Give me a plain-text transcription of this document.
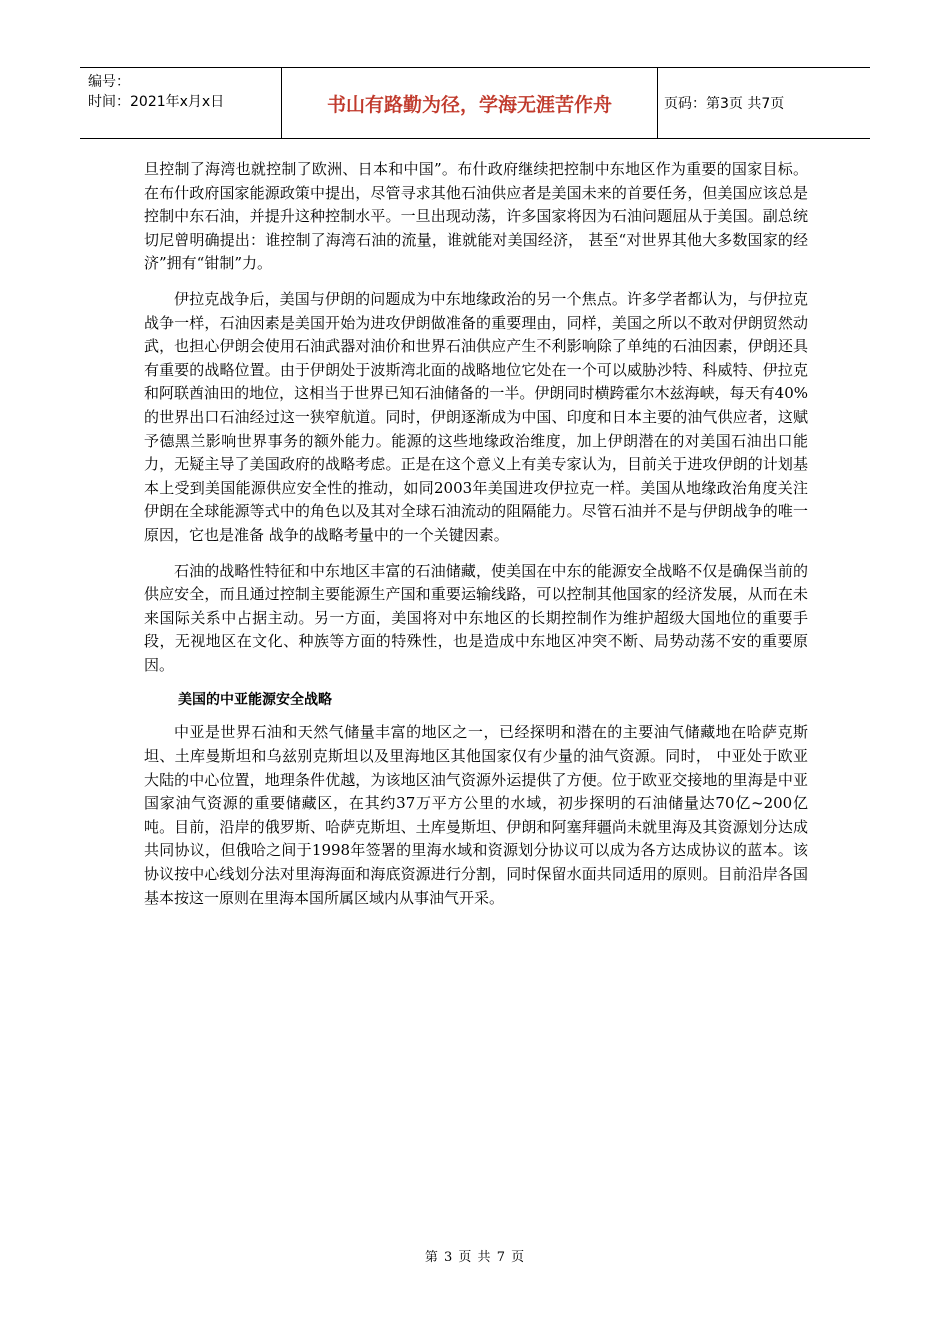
编号：
时间：2021年x月x日	书山有路勤为径，学海无涯苦作舟	页码：第3页 共7页

旦控制了海湾也就控制了欧洲、日本和中国”。布什政府继续把控制中东地区作为重要的国家目标。在布什政府国家能源政策中提出，尽管寻求其他石油供应者是美国未来的首要任务，但美国应该总是控制中东石油，并提升这种控制水平。一旦出现动荡，许多国家将因为石油问题屈从于美国。副总统切尼曾明确提出：谁控制了海湾石油的流量，谁就能对美国经济， 甚至“对世界其他大多数国家的经济”拥有“钳制”力。

伊拉克战争后，美国与伊朗的问题成为中东地缘政治的另一个焦点。许多学者都认为，与伊拉克战争一样，石油因素是美国开始为进攻伊朗做准备的重要理由，同样，美国之所以不敢对伊朗贸然动武，也担心伊朗会使用石油武器对油价和世界石油供应产生不利影响除了单纯的石油因素，伊朗还具有重要的战略位置。由于伊朗处于波斯湾北面的战略地位它处在一个可以威胁沙特、科威特、伊拉克和阿联酋油田的地位，这相当于世界已知石油储备的一半。伊朗同时横跨霍尔木兹海峡，每天有40%的世界出口石油经过这一狭窄航道。同时，伊朗逐渐成为中国、印度和日本主要的油气供应者，这赋予德黑兰影响世界事务的额外能力。能源的这些地缘政治维度，加上伊朗潜在的对美国石油出口能力，无疑主导了美国政府的战略考虑。正是在这个意义上有美专家认为，目前关于进攻伊朗的计划基本上受到美国能源供应安全性的推动，如同2003年美国进攻伊拉克一样。美国从地缘政治角度关注伊朗在全球能源等式中的角色以及其对全球石油流动的阻隔能力。尽管石油并不是与伊朗战争的唯一原因，它也是准备 战争的战略考量中的一个关键因素。

石油的战略性特征和中东地区丰富的石油储藏，使美国在中东的能源安全战略不仅是确保当前的供应安全，而且通过控制主要能源生产国和重要运输线路，可以控制其他国家的经济发展，从而在未来国际关系中占据主动。另一方面，美国将对中东地区的长期控制作为维护超级大国地位的重要手段，无视地区在文化、种族等方面的特殊性，也是造成中东地区冲突不断、局势动荡不安的重要原因。

美国的中亚能源安全战略

中亚是世界石油和天然气储量丰富的地区之一，已经探明和潜在的主要油气储藏地在哈萨克斯坦、土库曼斯坦和乌兹别克斯坦以及里海地区其他国家仅有少量的油气资源。同时， 中亚处于欧亚大陆的中心位置，地理条件优越，为该地区油气资源外运提供了方便。位于欧亚交接地的里海是中亚国家油气资源的重要储藏区，在其约37万平方公里的水域，初步探明的石油储量达70亿~200亿吨。目前，沿岸的俄罗斯、哈萨克斯坦、土库曼斯坦、伊朗和阿塞拜疆尚未就里海及其资源划分达成共同协议，但俄哈之间于1998年签署的里海水域和资源划分协议可以成为各方达成协议的蓝本。该协议按中心线划分法对里海海面和海底资源进行分割，同时保留水面共同适用的原则。目前沿岸各国基本按这一原则在里海本国所属区域内从事油气开采。

第 3 页 共 7 页
